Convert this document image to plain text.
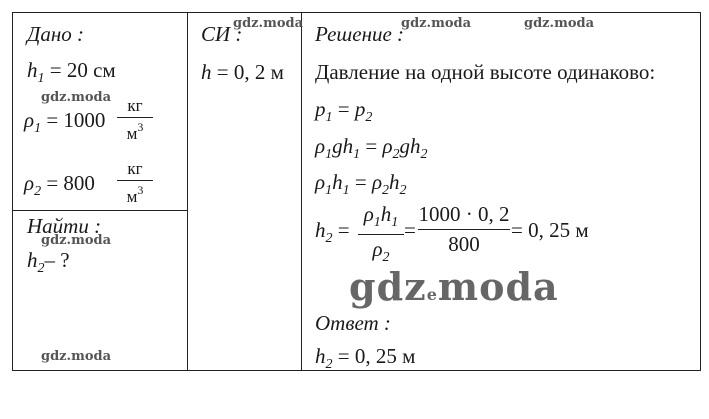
Дано :
$h_1 = 20$ см
$\rho_1 = 1000$
кг
$м^3$
$\rho_2 = 800$
кг
$м^3$
Найти :
$h_2-$ ?
СИ :
h = 0, 2 м
Решение :
Давление на одной высоте одинаково:
$p_1 = p_2$
$\rho_1gh_1 = \rho_2gh_2$
$\rho_1h_1 = \rho_2h_2$
$h_2$ =
$\rho_1h_1$
$\rho_2$
=
1000 · 0, 2
800
= 0, 25 м
Ответ :
$h_2 = 0$, 25 м
gdz.moda	gdz.moda	gdz.moda
gdz.moda
gdz.moda
gdz.moda
gdzеmoda
